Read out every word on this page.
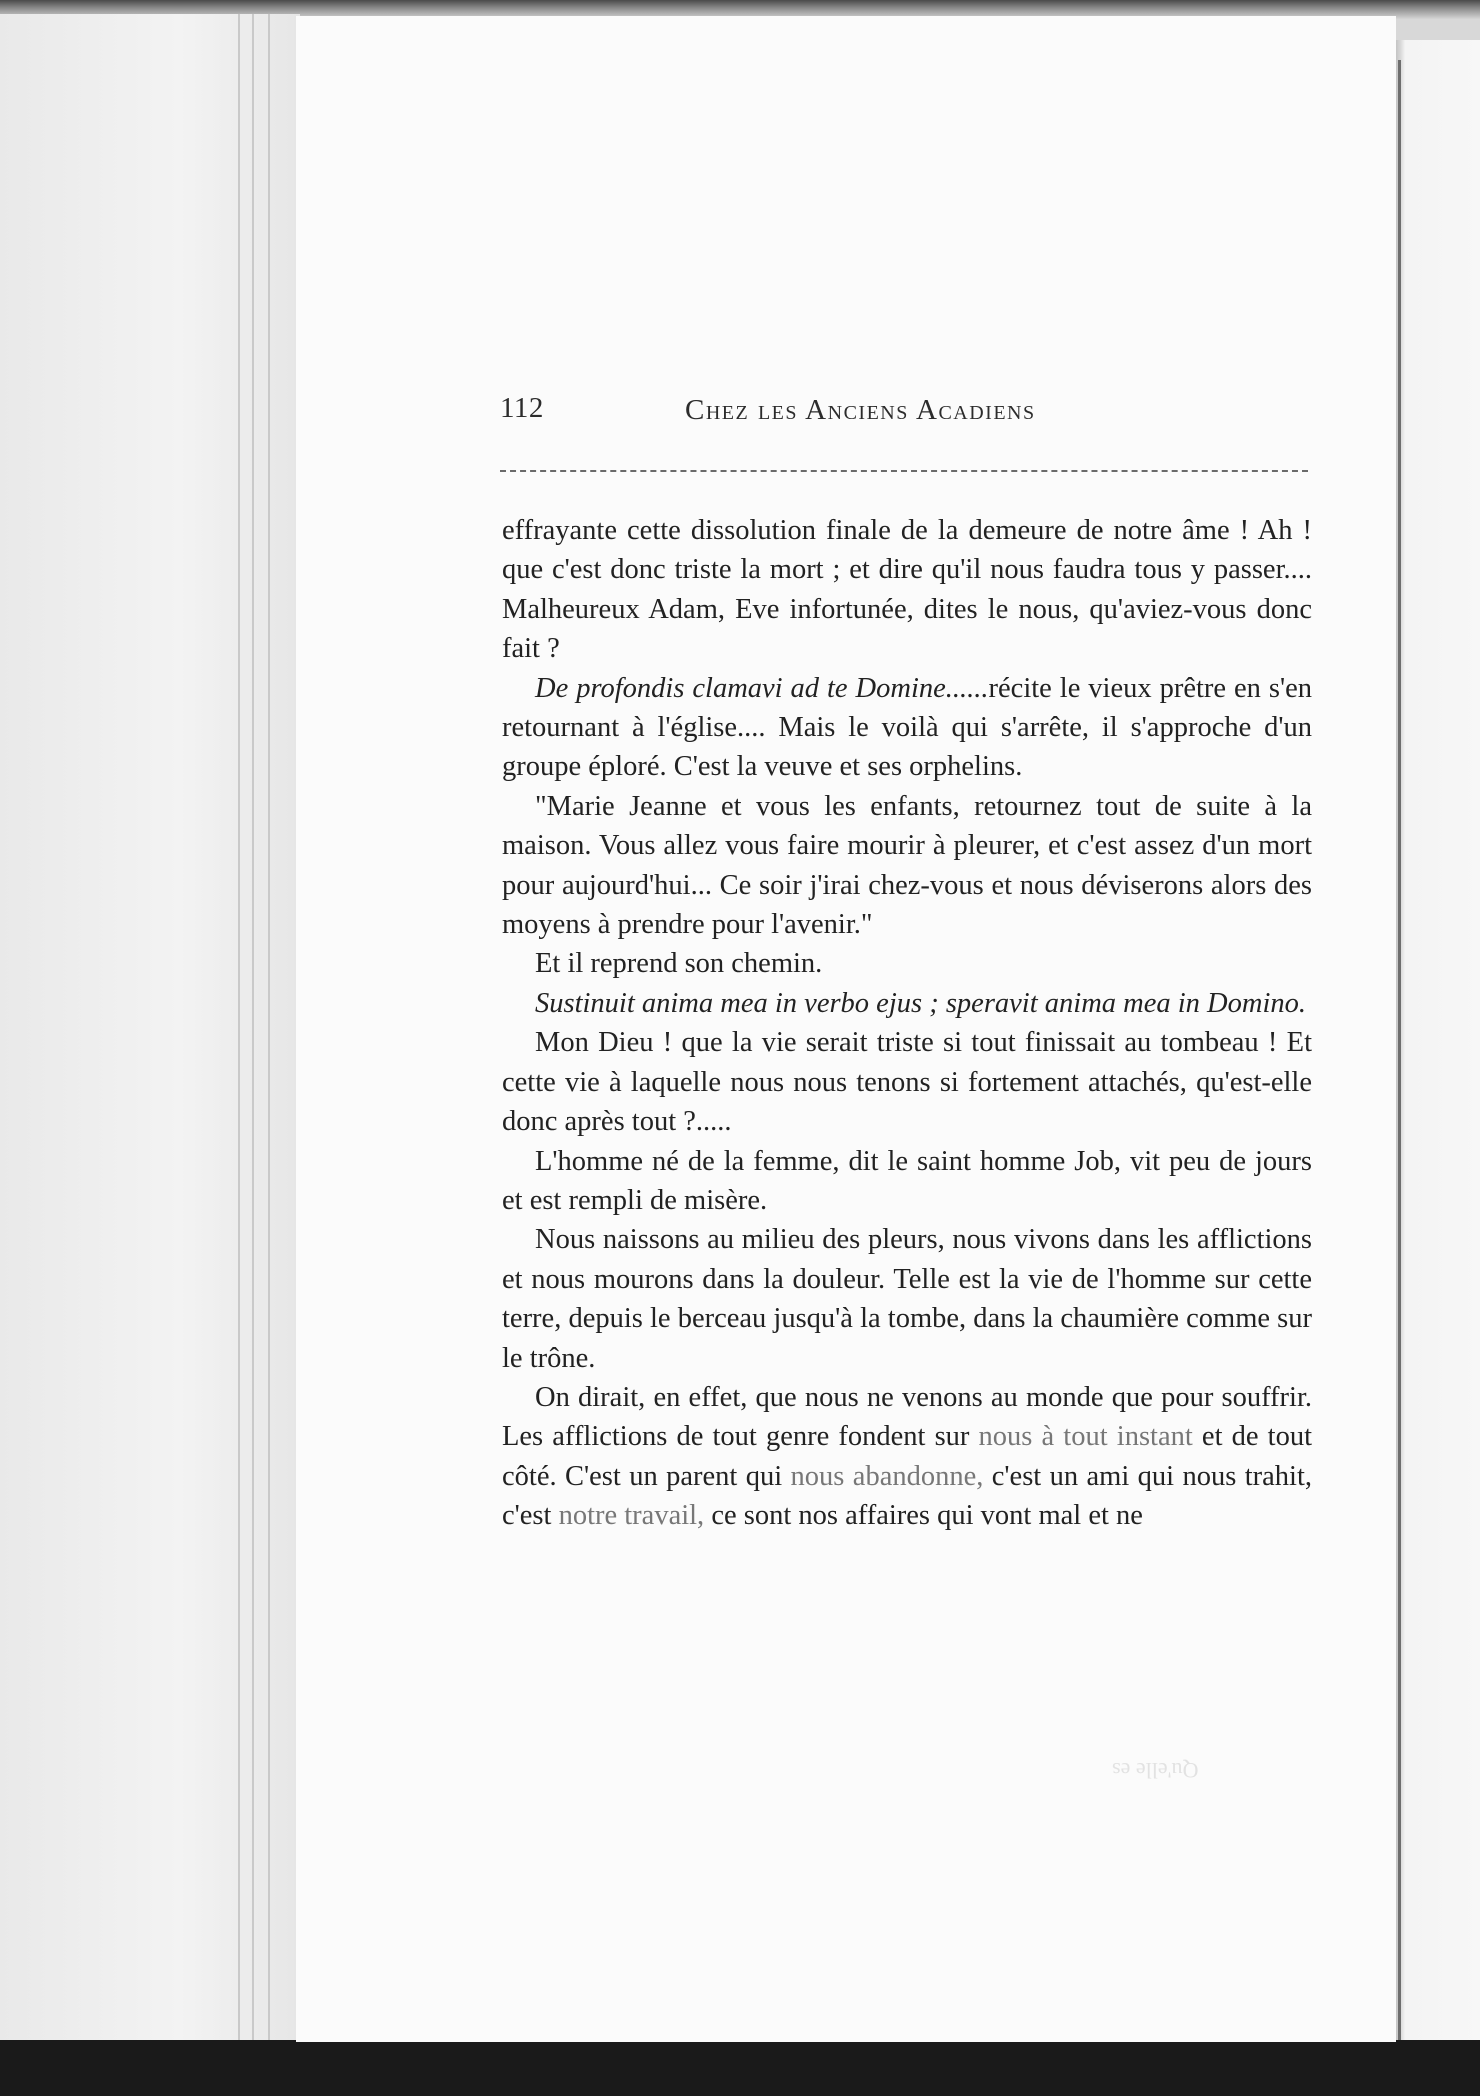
112	Chez les Anciens Acadiens

effrayante cette dissolution finale de la demeure de notre âme ! Ah ! que c'est donc triste la mort ; et dire qu'il nous faudra tous y passer.... Malheureux Adam, Eve infortunée, dites le nous, qu'aviez-vous donc fait ?

De profondis clamavi ad te Domine......récite le vieux prêtre en s'en retournant à l'église.... Mais le voilà qui s'arrête, il s'approche d'un groupe éploré. C'est la veuve et ses orphelins.

"Marie Jeanne et vous les enfants, retournez tout de suite à la maison. Vous allez vous faire mourir à pleurer, et c'est assez d'un mort pour aujourd'hui... Ce soir j'irai chez-vous et nous déviserons alors des moyens à prendre pour l'avenir."

Et il reprend son chemin.

Sustinuit anima mea in verbo ejus ; speravit anima mea in Domino.

Mon Dieu ! que la vie serait triste si tout finissait au tombeau ! Et cette vie à laquelle nous nous tenons si fortement attachés, qu'est-elle donc après tout ?.....

L'homme né de la femme, dit le saint homme Job, vit peu de jours et est rempli de misère.

Nous naissons au milieu des pleurs, nous vivons dans les afflictions et nous mourons dans la douleur. Telle est la vie de l'homme sur cette terre, depuis le berceau jusqu'à la tombe, dans la chaumière comme sur le trône.

On dirait, en effet, que nous ne venons au monde que pour souffrir. Les afflictions de tout genre fondent sur nous à tout instant et de tout côté. C'est un parent qui nous abandonne, c'est un ami qui nous trahit, c'est notre travail, ce sont nos affaires qui vont mal et ne

Qu'elle es
